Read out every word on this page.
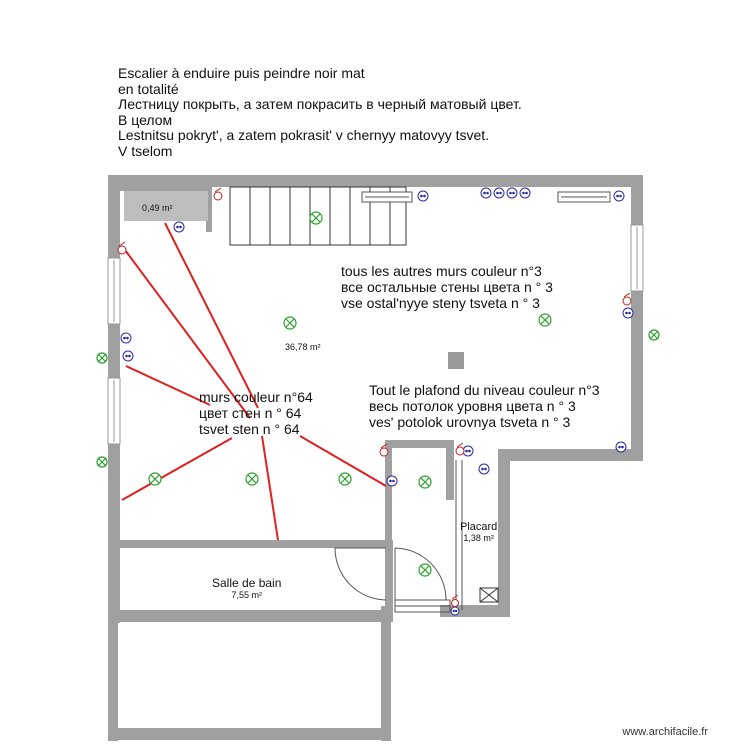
Escalier à enduire puis peindre noir mat
en totalité
Лестницу покрыть, а затем покрасить в черный матовый цвет.
В целом
Lestnitsu pokryt', a zatem pokrasit' v chernyy matovyy tsvet.
V tselom
tous les autres murs couleur n°3
все остальные стены цвета n ° 3
vse ostal'nyye steny tsveta n ° 3
Tout le plafond du niveau couleur n°3
весь потолок уровня цвета n ° 3
ves' potolok urovnya tsveta n ° 3
murs couleur n°64
цвет стен n ° 64
tsvet sten n ° 64
0,49 m²
36,78 m²
Placard
1,38 m²
Salle de bain
7,55 m²
www.archifacile.fr
